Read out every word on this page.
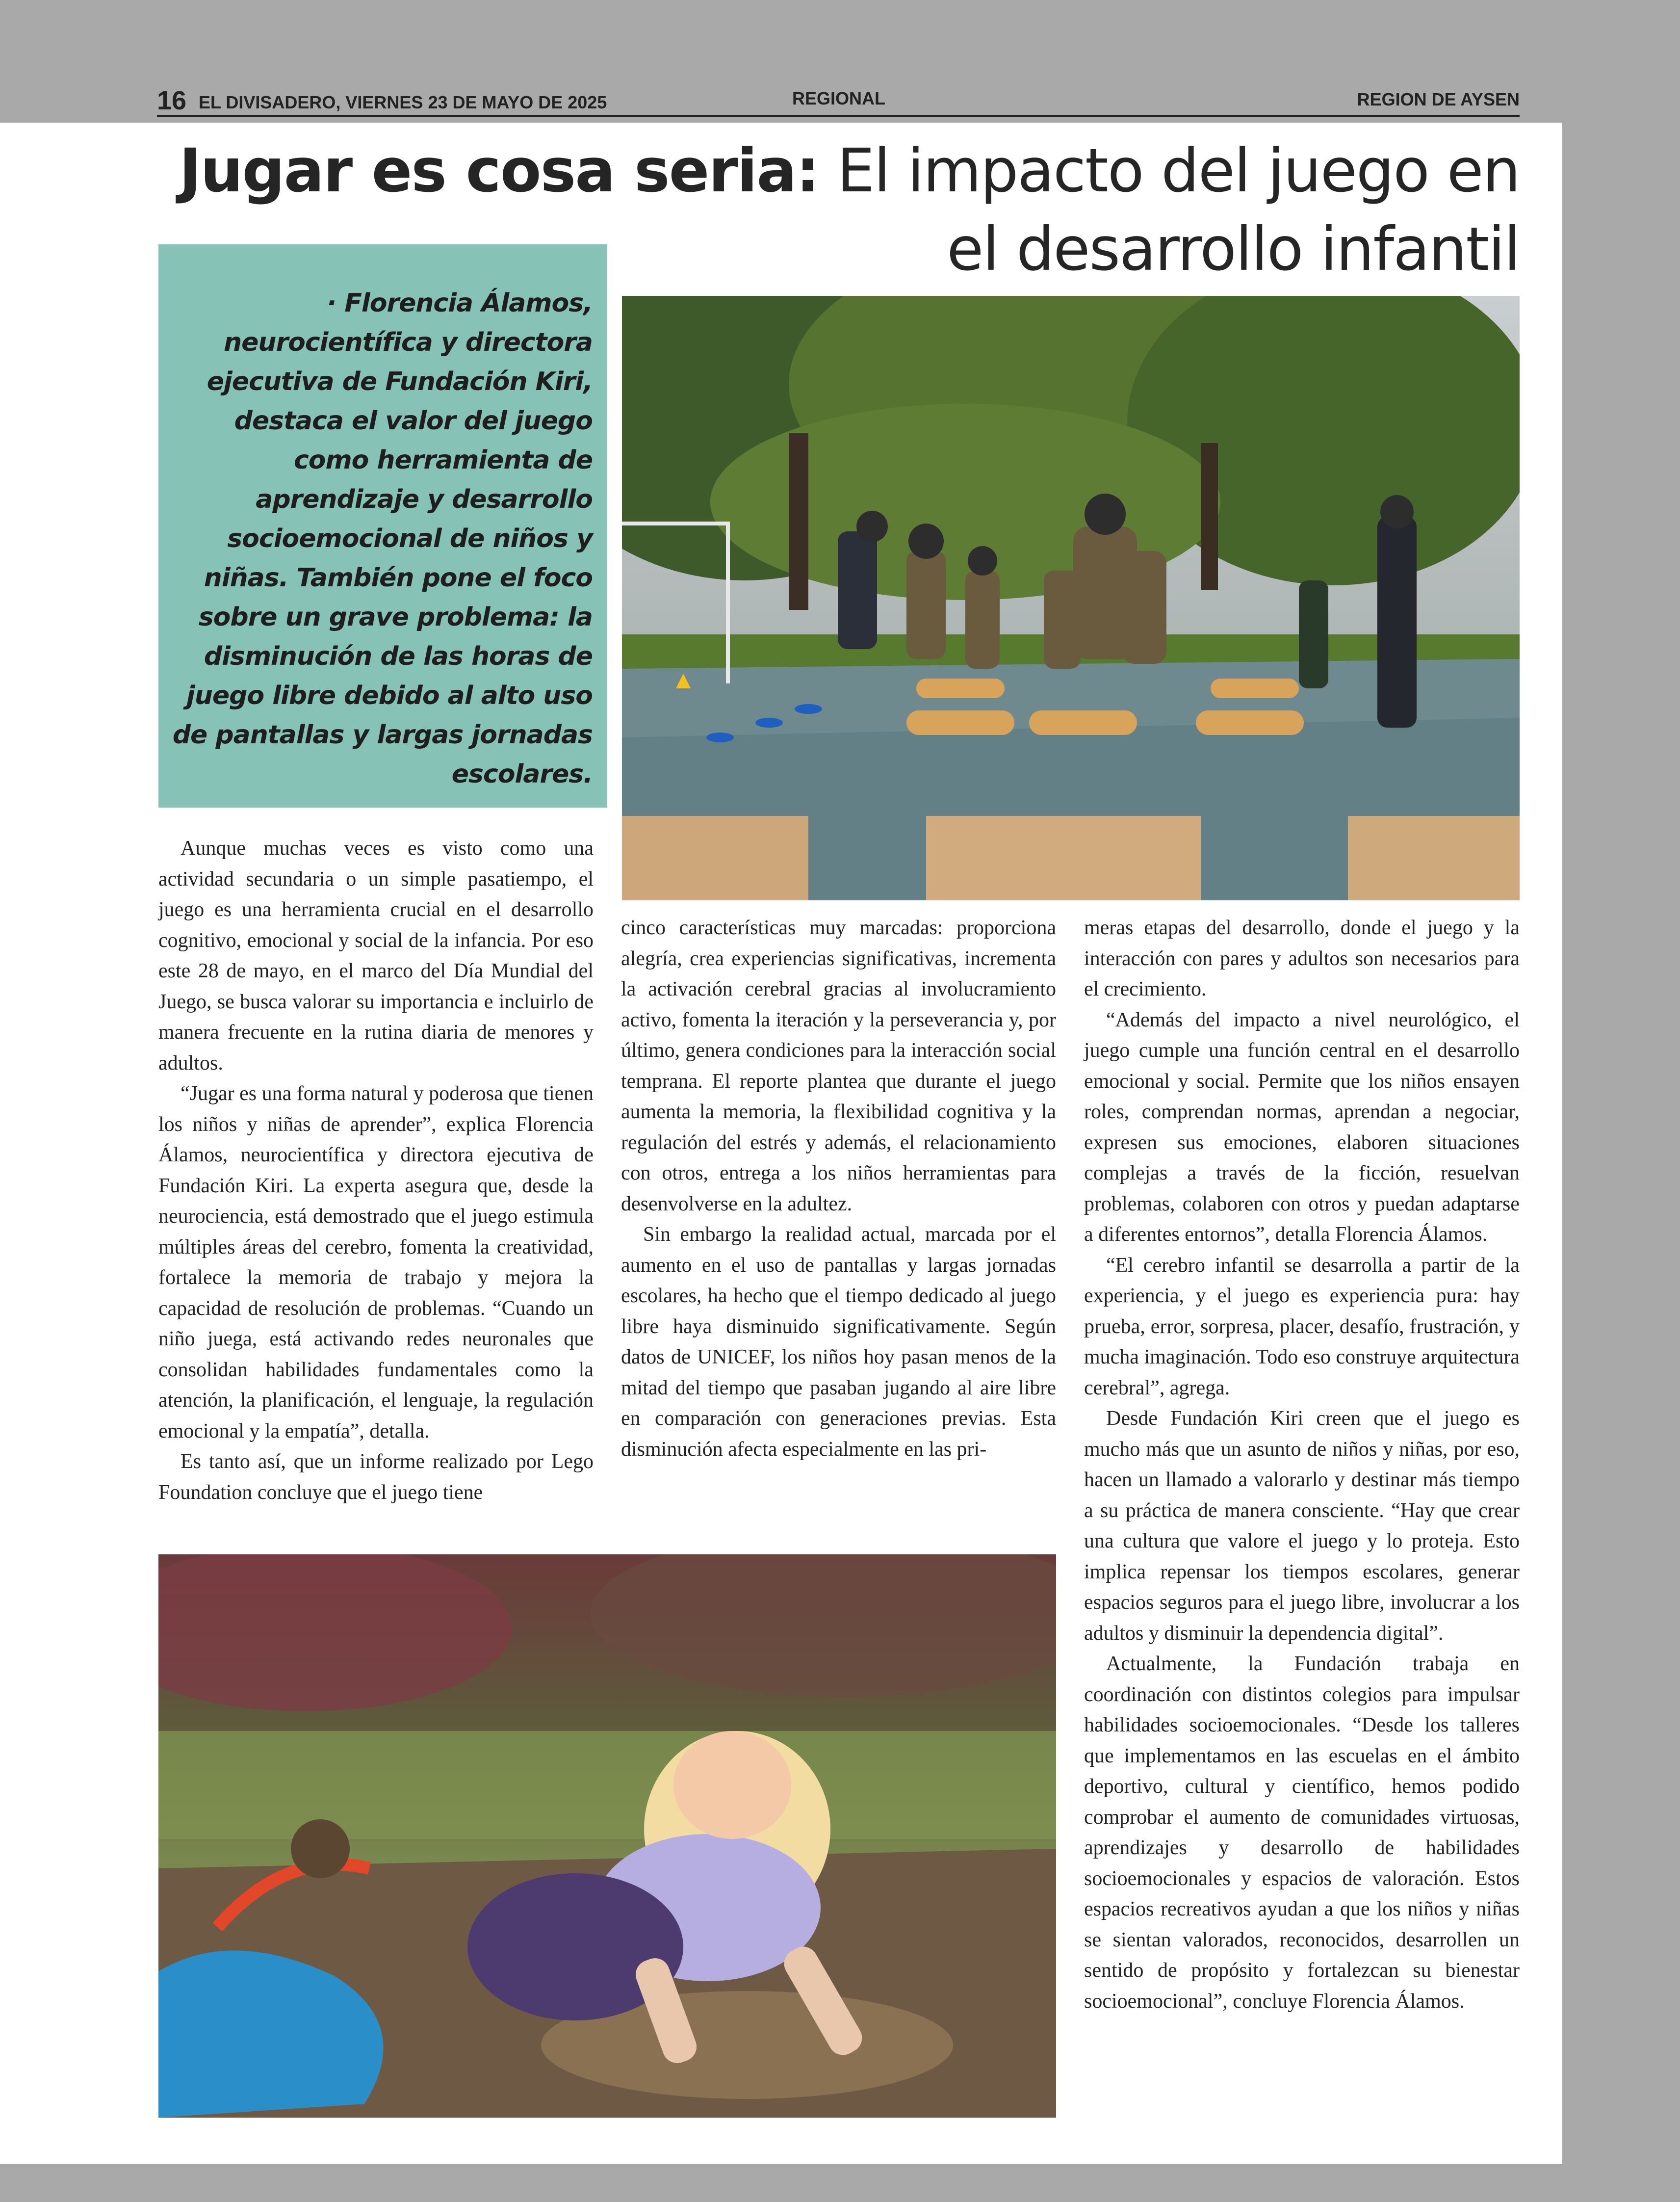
16 EL DIVISADERO, VIERNES 23 DE MAYO DE 2025	REGIONAL	REGION DE AYSEN
Jugar es cosa seria: El impacto del juego en el desarrollo infantil

· Florencia Álamos, neurocientífica y directora ejecutiva de Fundación Kiri, destaca el valor del juego como herramienta de aprendizaje y desarrollo socioemocional de niños y niñas. También pone el foco sobre un grave problema: la disminución de las horas de juego libre debido al alto uso de pantallas y largas jornadas escolares.

Aunque muchas veces es visto como una actividad secundaria o un simple pasatiempo, el juego es una herramienta crucial en el desarrollo cognitivo, emocional y social de la infancia. Por eso este 28 de mayo, en el marco del Día Mundial del Juego, se busca valorar su importancia e incluirlo de manera frecuente en la rutina diaria de menores y adultos.

“Jugar es una forma natural y poderosa que tienen los niños y niñas de aprender”, explica Florencia Álamos, neurocientífica y directora ejecutiva de Fundación Kiri. La experta asegura que, desde la neurociencia, está demostrado que el juego estimula múltiples áreas del cerebro, fomenta la creatividad, fortalece la memoria de trabajo y mejora la capacidad de resolución de problemas. “Cuando un niño juega, está activando redes neuronales que consolidan habilidades fundamentales como la atención, la planificación, el lenguaje, la regulación emocional y la empatía”, detalla.

Es tanto así, que un informe realizado por Lego Foundation concluye que el juego tiene

cinco características muy marcadas: proporciona alegría, crea experiencias significativas, incrementa la activación cerebral gracias al involucramiento activo, fomenta la iteración y la perseverancia y, por último, genera condiciones para la interacción social temprana. El reporte plantea que durante el juego aumenta la memoria, la flexibilidad cognitiva y la regulación del estrés y además, el relacionamiento con otros, entrega a los niños herramientas para desenvolverse en la adultez.

Sin embargo la realidad actual, marcada por el aumento en el uso de pantallas y largas jornadas escolares, ha hecho que el tiempo dedicado al juego libre haya disminuido significativamente. Según datos de UNICEF, los niños hoy pasan menos de la mitad del tiempo que pasaban jugando al aire libre en comparación con generaciones previas. Esta disminución afecta especialmente en las pri-

meras etapas del desarrollo, donde el juego y la interacción con pares y adultos son necesarios para el crecimiento.

“Además del impacto a nivel neurológico, el juego cumple una función central en el desarrollo emocional y social. Permite que los niños ensayen roles, comprendan normas, aprendan a negociar, expresen sus emociones, elaboren situaciones complejas a través de la ficción, resuelvan problemas, colaboren con otros y puedan adaptarse a diferentes entornos”, detalla Florencia Álamos.

“El cerebro infantil se desarrolla a partir de la experiencia, y el juego es experiencia pura: hay prueba, error, sorpresa, placer, desafío, frustración, y mucha imaginación. Todo eso construye arquitectura cerebral”, agrega.

Desde Fundación Kiri creen que el juego es mucho más que un asunto de niños y niñas, por eso, hacen un llamado a valorarlo y destinar más tiempo a su práctica de manera consciente. “Hay que crear una cultura que valore el juego y lo proteja. Esto implica repensar los tiempos escolares, generar espacios seguros para el juego libre, involucrar a los adultos y disminuir la dependencia digital”.

Actualmente, la Fundación trabaja en coordinación con distintos colegios para impulsar habilidades socioemocionales. “Desde los talleres que implementamos en las escuelas en el ámbito deportivo, cultural y científico, hemos podido comprobar el aumento de comunidades virtuosas, aprendizajes y desarrollo de habilidades socioemocionales y espacios de valoración. Estos espacios recreativos ayudan a que los niños y niñas se sientan valorados, reconocidos, desarrollen un sentido de propósito y fortalezcan su bienestar socioemocional”, concluye Florencia Álamos.
